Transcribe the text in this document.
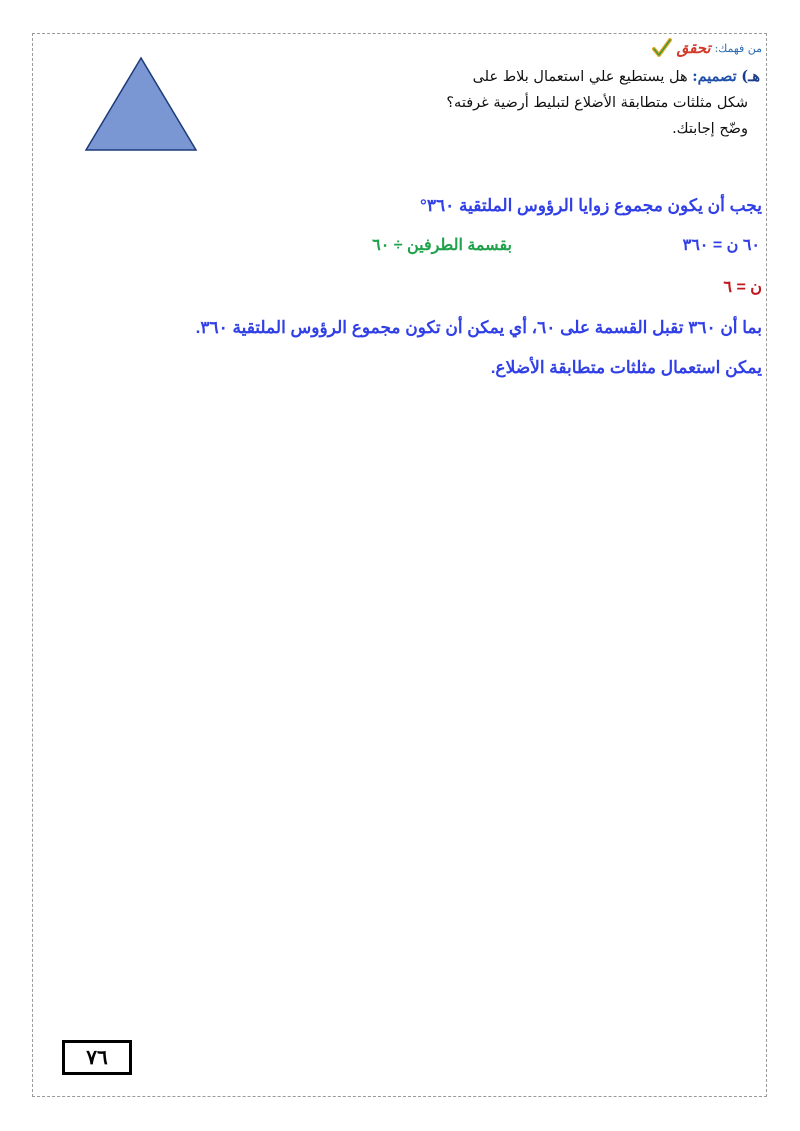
تحقق من فهمك:
هـ) تصميم: هل يستطيع علي استعمال بلاط على
شكل مثلثات متطابقة الأضلاع لتبليط أرضية غرفته؟
وضّح إجابتك.
يجب أن يكون مجموع زوايا الرؤوس الملتقية ٣٦٠°
٦٠ ن = ٣٦٠
بقسمة الطرفين ÷ ٦٠
ن = ٦
بما أن ٣٦٠ تقبل القسمة على ٦٠، أي يمكن أن تكون مجموع الرؤوس الملتقية ٣٦٠.
يمكن استعمال مثلثات متطابقة الأضلاع.
٧٦
